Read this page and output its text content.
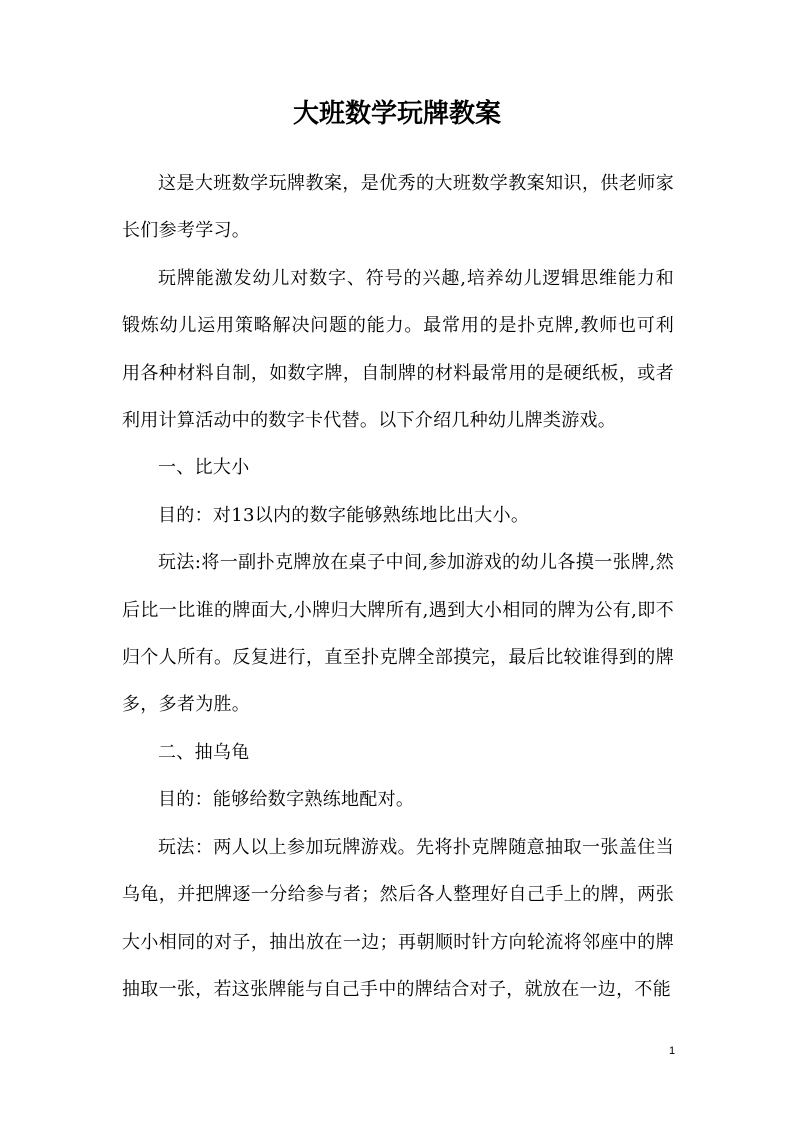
大班数学玩牌教案

这是大班数学玩牌教案，是优秀的大班数学教案知识，供老师家长们参考学习。

玩牌能激发幼儿对数字、符号的兴趣,培养幼儿逻辑思维能力和锻炼幼儿运用策略解决问题的能力。最常用的是扑克牌,教师也可利用各种材料自制，如数字牌，自制牌的材料最常用的是硬纸板，或者利用计算活动中的数字卡代替。以下介绍几种幼儿牌类游戏。

一、比大小

目的：对13以内的数字能够熟练地比出大小。

玩法:将一副扑克牌放在桌子中间,参加游戏的幼儿各摸一张牌,然后比一比谁的牌面大,小牌归大牌所有,遇到大小相同的牌为公有,即不归个人所有。反复进行，直至扑克牌全部摸完，最后比较谁得到的牌多，多者为胜。

二、抽乌龟

目的：能够给数字熟练地配对。

玩法：两人以上参加玩牌游戏。先将扑克牌随意抽取一张盖住当乌龟，并把牌逐一分给参与者；然后各人整理好自己手上的牌，两张大小相同的对子，抽出放在一边；再朝顺时针方向轮流将邻座中的牌抽取一张，若这张牌能与自己手中的牌结合对子，就放在一边，不能

1
